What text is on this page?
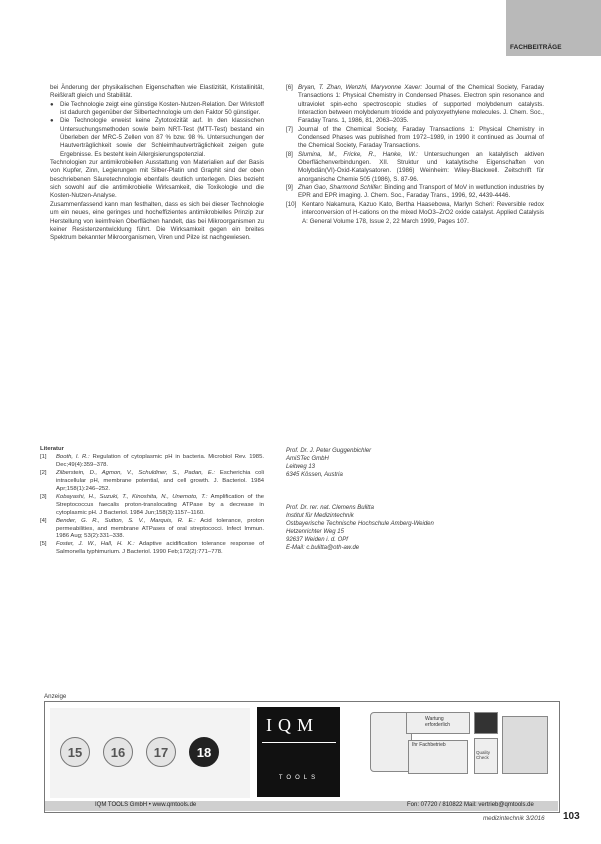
FACHBEITRÄGE

bei Änderung der physikalischen Eigenschaften wie Elastizität, Kristallinität, Reißkraft gleich und Stabilität.

● Die Technologie zeigt eine günstige Kosten-Nutzen-Relation. Der Wirkstoff ist dadurch gegenüber der Silbertechnologie um den Faktor 50 günstiger.

● Die Technologie erweist keine Zytotoxizität auf. In den klassischen Untersuchungsmethoden sowie beim NRT-Test (MTT-Test) bestand ein Überleben der MRC-5 Zellen von 87 % bzw. 98 %. Untersuchungen der Hautverträglichkeit sowie der Schleimhautverträglichkeit zeigen gute Ergebnisse. Es besteht kein Allergisierungspotenzial.

Technologien zur antimikrobiellen Ausstattung von Materialien auf der Basis von Kupfer, Zinn, Legierungen mit Silber-Platin und Graphit sind der oben beschriebenen Säuretechnologie ebenfalls deutlich unterlegen. Dies bezieht sich sowohl auf die antimikrobielle Wirksamkeit, die Toxikologie und die Kosten-Nutzen-Analyse.

Zusammenfassend kann man festhalten, dass es sich bei dieser Technologie um ein neues, eine geringes und hocheffizientes antimikrobielles Prinzip zur Herstellung von keimfreien Oberflächen handelt, das bei Mikroorganismen zu keiner Resistenzentwicklung führt. Die Wirksamkeit gegen ein breites Spektrum bekannter Mikroorganismen, Viren und Pilze ist nachgewiesen.

Literatur

[1]	Booth, I. R.: Regulation of cytoplasmic pH in bacteria. Microbiol Rev. 1985. Dec;49(4):359–378.
[2]	Zilberstein, D., Agmon, V., Schuldiner, S., Padan, E.: Escherichia coli intracellular pH, membrane potential, and cell growth. J. Bacteriol. 1984 Apr;158(1):246–252.
[3]	Kobayashi, H., Suzuki, T., Kinoshita, N., Unemoto, T.: Amplification of the Streptococcus faecalis proton-translocating ATPase by a decrease in cytoplasmic pH. J Bacteriol. 1984 Jun;158(3):1157–1160.
[4]	Bender, G. R., Sutton, S. V., Marquis, R. E.: Acid tolerance, proton permeabilities, and membrane ATPases of oral streptococci. Infect Immun. 1986 Aug; 53(2):331–338.
[5]	Foster, J. W., Hall, H. K.: Adaptive acidification tolerance response of Salmonella typhimurium. J Bacteriol. 1990 Feb;172(2):771–778.
[6] Bryan, T. Zhan, Wenzhi, Maryvonne Xaver: Journal of the Chemical Society, Faraday Transactions 1: Physical Chemistry in Condensed Phases. Electron spin resonance and ultraviolet spin-echo spectroscopic studies of supported molybdenum catalysts. Interaction between molybdenum trioxide and polyoxyethylene molecules. J. Chem. Soc., Faraday Trans. 1, 1986, 81, 2063–2035.
[7] Journal of the Chemical Society, Faraday Transactions 1: Physical Chemistry in Condensed Phases was published from 1972–1989, in 1990 it continued as Journal of the Chemical Society, Faraday Transactions.
[8] Slumina, M., Fricke, R., Hanke, W.: Untersuchungen an katalytisch aktiven Oberflächenverbindungen. XII. Struktur und katalytische Eigenschaften von Molybdän(VI)-Oxid-Katalysatoren. (1986) Weinheim: Wiley-Blackwell. Zeitschrift für anorganische Chemie 505 (1986), S. 87-96.
[9] Zhan Gao, Sharmond Schlifer: Binding and Transport of MoV in wetfunction industries by EPR and EPR imaging. J. Chem. Soc., Faraday Trans., 1996, 92, 4439-4446.
[10] Kentaro Nakamura, Kazuo Kato, Bertha Haasebowa, Marlyn Scheri: Reversible redox interconversion of H-cations on the mixed MoO3–ZrO2 oxide catalyst. Applied Catalysis A: General Volume 178, Issue 2, 22 March 1999, Pages 107.
Prof. Dr. J. Peter Guggenbichler
AmiSTec GmbH
Leitweg 13
6345 Kössen, Austria
Prof. Dr. rer. nat. Clemens Bulitta
Institut für Medizintechnik
Ostbayerische Technische Hochschule Amberg-Weiden
Hetzenrichter Weg 15
92637 Weiden i. d. OPf
E-Mail: c.bulitta@oth-aw.de
Anzeige
15	16	17	18
IQM
TOOLS
Wartung erforderlich
Ihr Fachbetrieb
Quality Check
IQM TOOLS GmbH • www.qmtools.de	Fon: 07720 / 810822 Mail: vertrieb@qmtools.de
medizintechnik 3/2016 103
